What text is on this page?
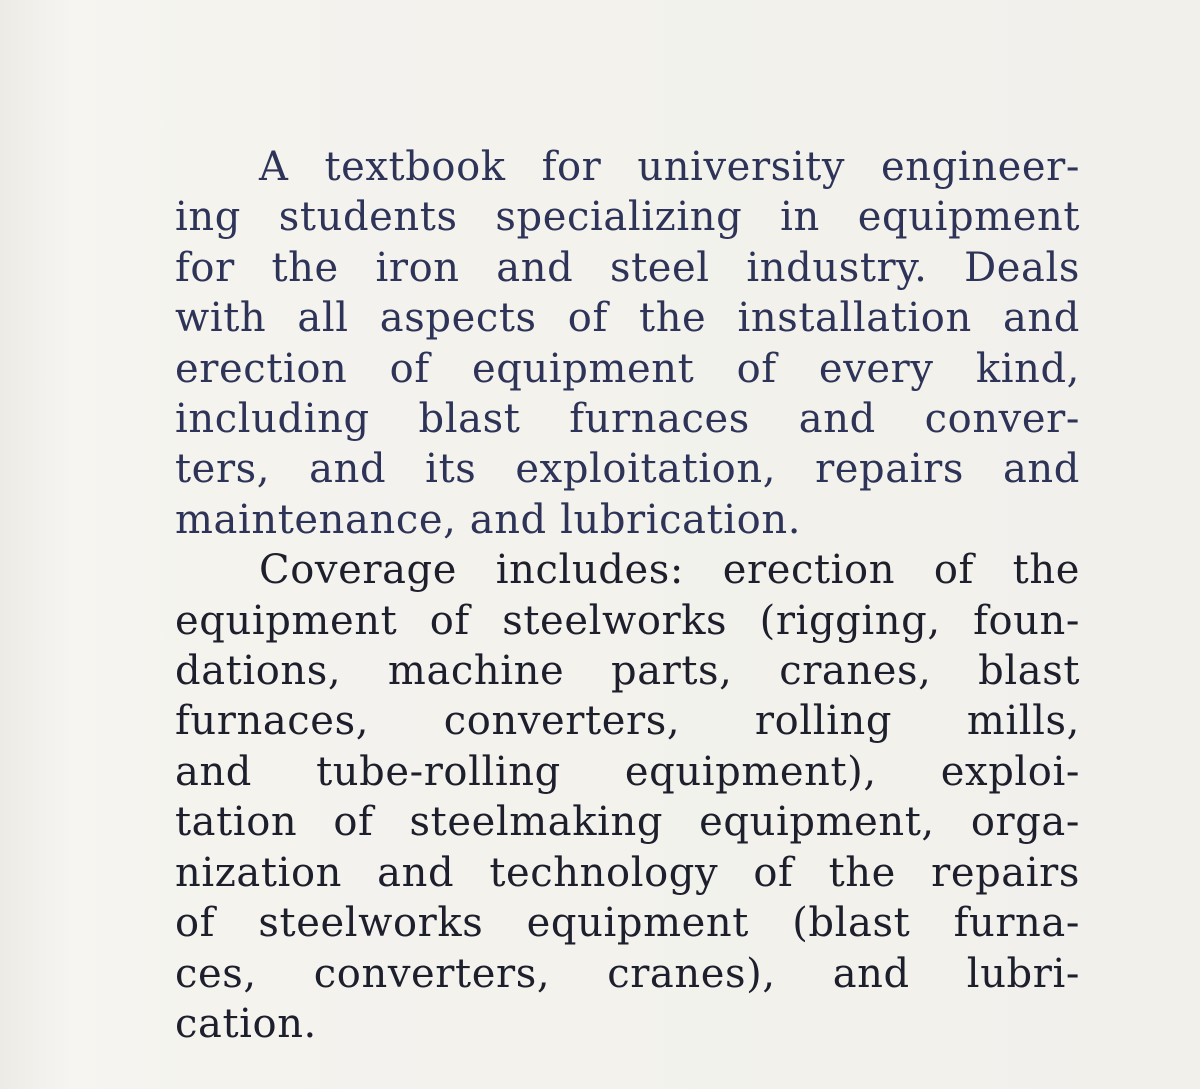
A textbook for university engineer-
ing students specializing in equipment
for the iron and steel industry. Deals
with all aspects of the installation and
erection of equipment of every kind,
including blast furnaces and conver-
ters, and its exploitation, repairs and
maintenance, and lubrication.
Coverage includes: erection of the
equipment of steelworks (rigging, foun-
dations, machine parts, cranes, blast
furnaces, converters, rolling mills,
and tube-rolling equipment), exploi-
tation of steelmaking equipment, orga-
nization and technology of the repairs
of steelworks equipment (blast furna-
ces, converters, cranes), and lubri-
cation.
